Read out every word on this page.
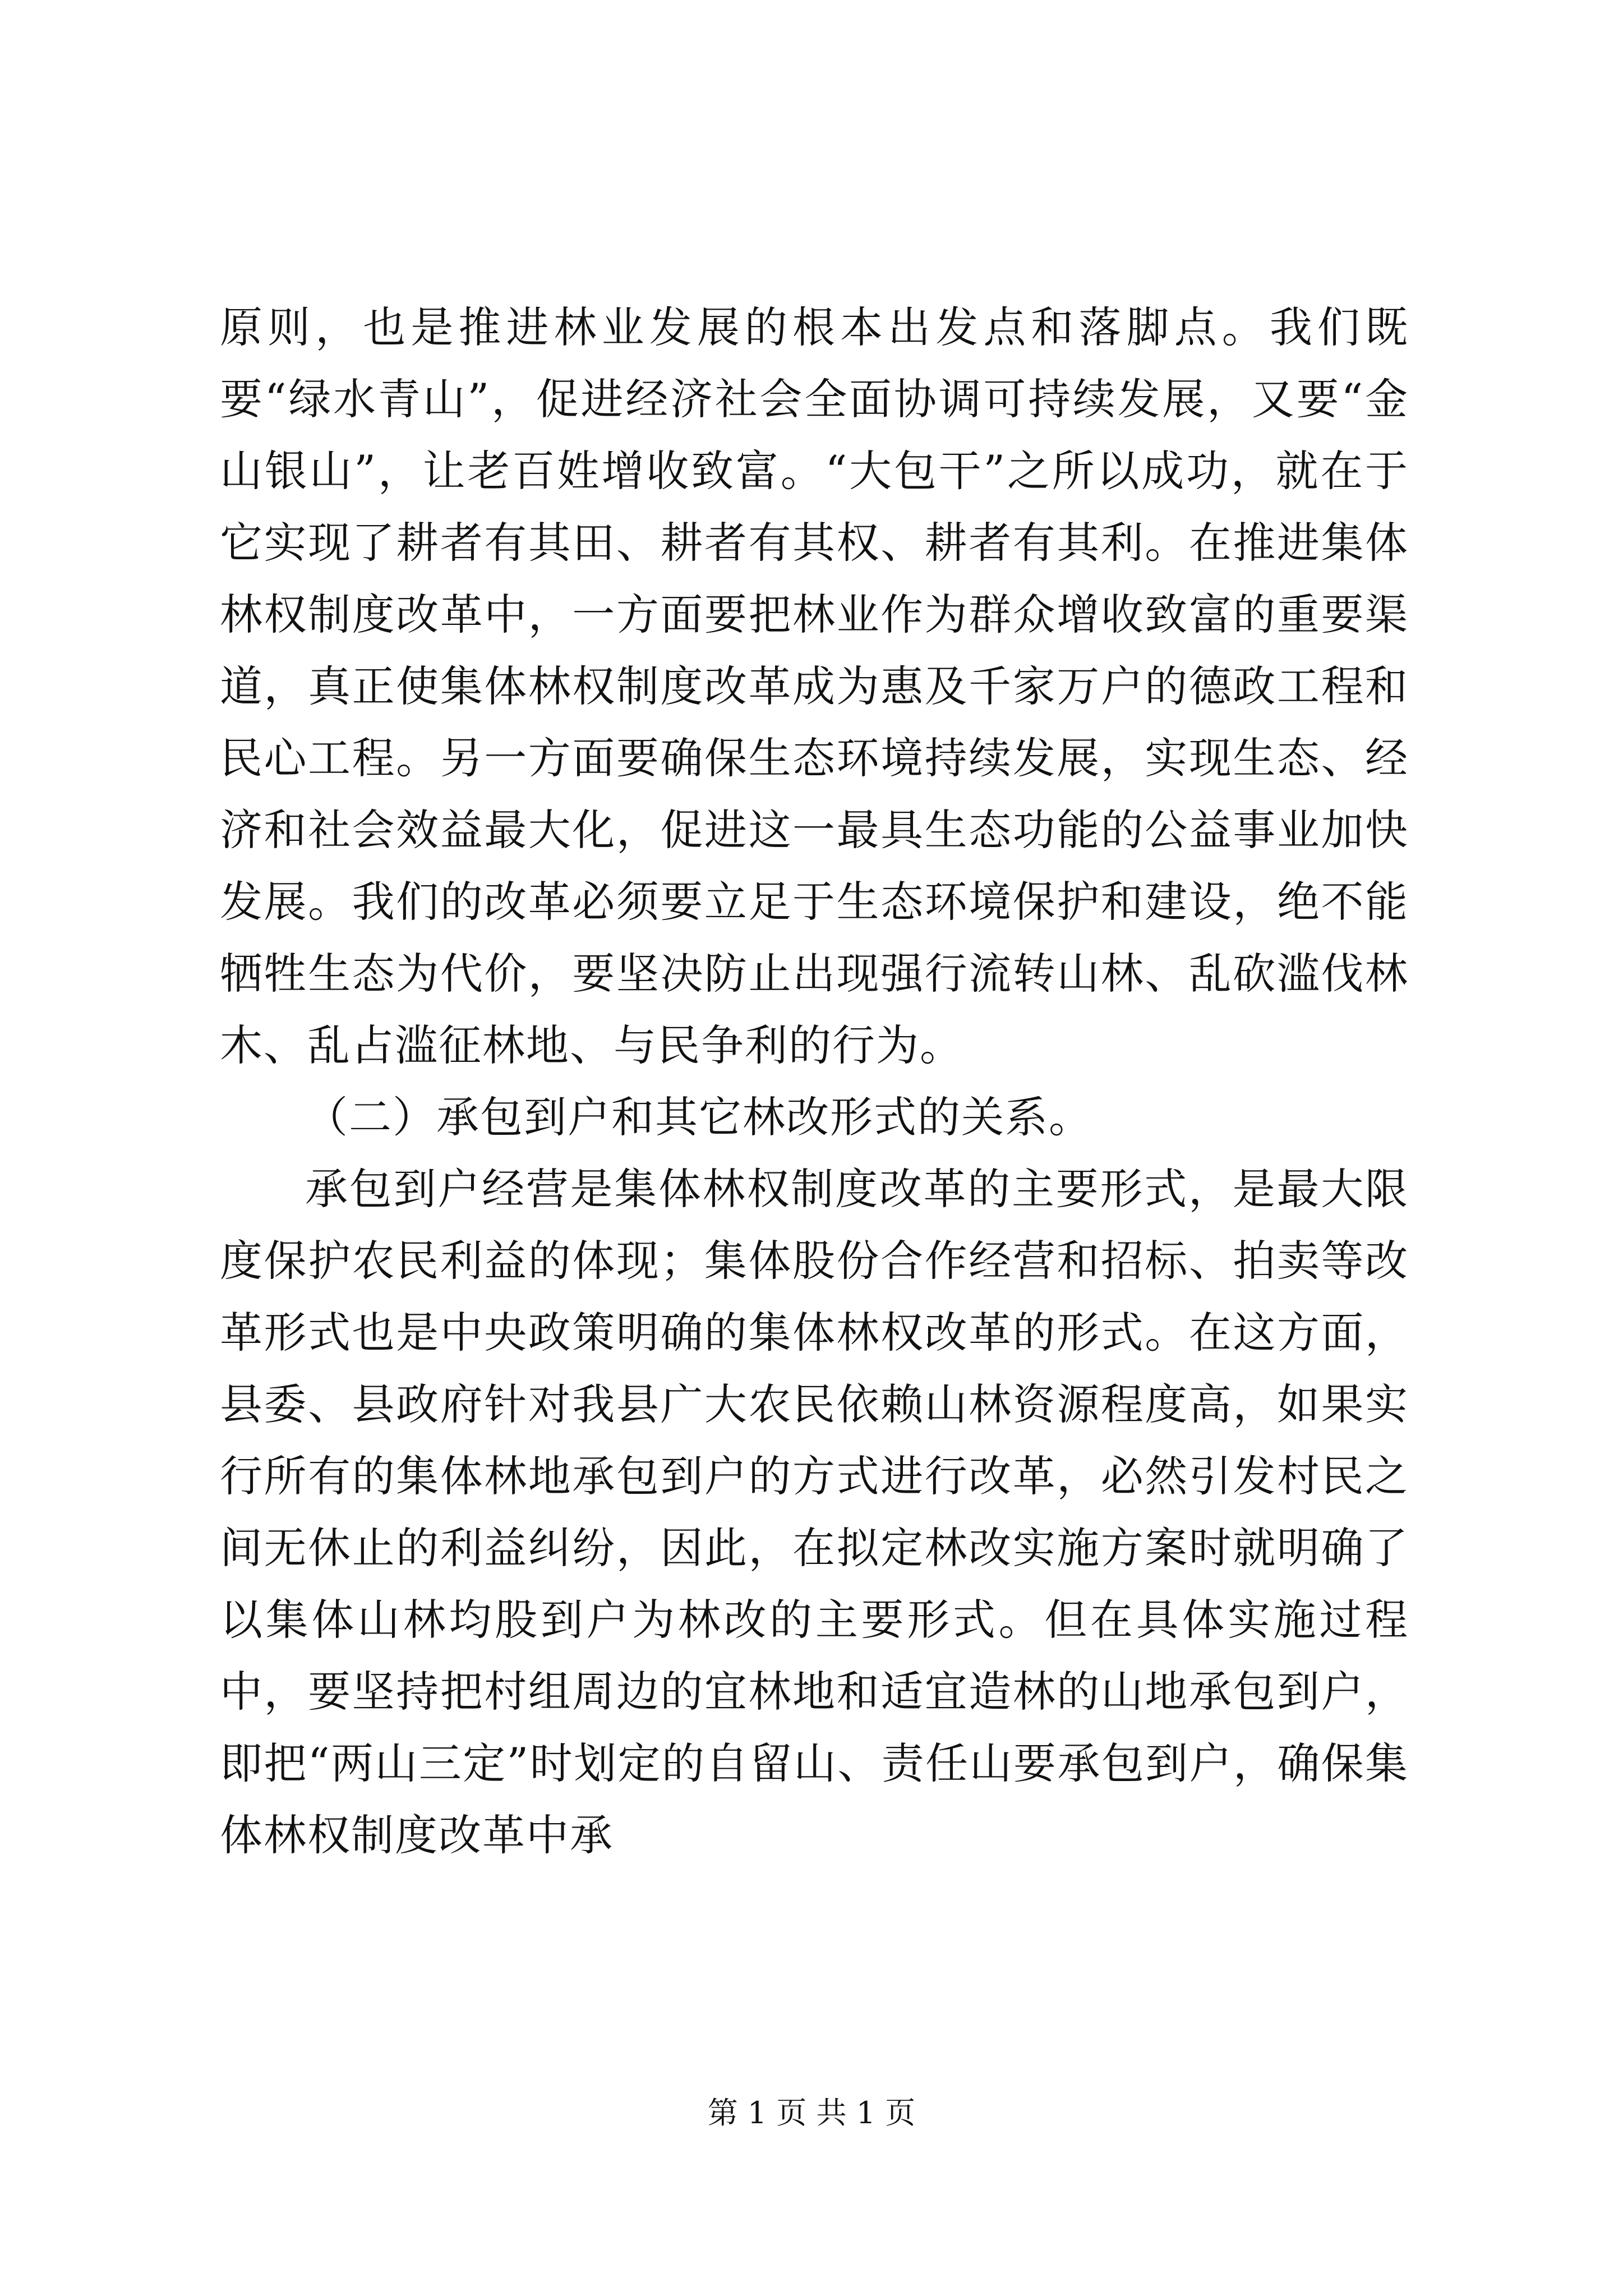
原则，也是推进林业发展的根本出发点和落脚点。我们既要“绿水青山”，促进经济社会全面协调可持续发展，又要“金山银山”，让老百姓增收致富。“大包干”之所以成功，就在于它实现了耕者有其田、耕者有其权、耕者有其利。在推进集体林权制度改革中，一方面要把林业作为群众增收致富的重要渠道，真正使集体林权制度改革成为惠及千家万户的德政工程和民心工程。另一方面要确保生态环境持续发展，实现生态、经济和社会效益最大化，促进这一最具生态功能的公益事业加快发展。我们的改革必须要立足于生态环境保护和建设，绝不能牺牲生态为代价，要坚决防止出现强行流转山林、乱砍滥伐林木、乱占滥征林地、与民争利的行为。

（二）承包到户和其它林改形式的关系。

承包到户经营是集体林权制度改革的主要形式，是最大限度保护农民利益的体现；集体股份合作经营和招标、拍卖等改革形式也是中央政策明确的集体林权改革的形式。在这方面，县委、县政府针对我县广大农民依赖山林资源程度高，如果实行所有的集体林地承包到户的方式进行改革，必然引发村民之间无休止的利益纠纷，因此，在拟定林改实施方案时就明确了以集体山林均股到户为林改的主要形式。但在具体实施过程中，要坚持把村组周边的宜林地和适宜造林的山地承包到户，即把“两山三定”时划定的自留山、责任山要承包到户，确保集体林权制度改革中承

第 1 页 共 1 页
